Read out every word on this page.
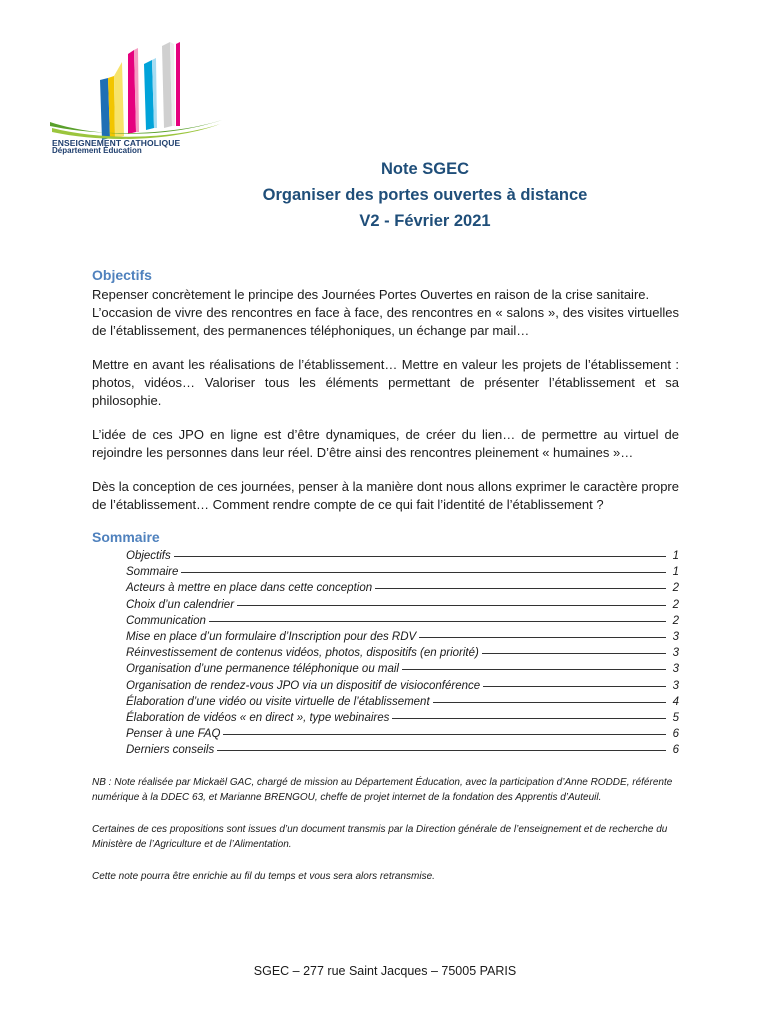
ENSEIGNEMENT CATHOLIQUE
Département Éducation
Note SGEC
Organiser des portes ouvertes à distance
V2 - Février 2021
Objectifs

Repenser concrètement le principe des Journées Portes Ouvertes en raison de la crise sanitaire.

L’occasion de vivre des rencontres en face à face, des rencontres en « salons », des visites virtuelles de l’établissement, des permanences téléphoniques, un échange par mail…

Mettre en avant les réalisations de l’établissement… Mettre en valeur les projets de l’établissement : photos, vidéos… Valoriser tous les éléments permettant de présenter l’établissement et sa philosophie.

L’idée de ces JPO en ligne est d’être dynamiques, de créer du lien… de permettre au virtuel de rejoindre les personnes dans leur réel. D’être ainsi des rencontres pleinement « humaines »…

Dès la conception de ces journées, penser à la manière dont nous allons exprimer le caractère propre de l’établissement… Comment rendre compte de ce qui fait l’identité de l’établissement ?

Sommaire
Objectifs	1
Sommaire	1
Acteurs à mettre en place dans cette conception	2
Choix d’un calendrier	2
Communication	2
Mise en place d’un formulaire d’Inscription pour des RDV	3
Réinvestissement de contenus vidéos, photos, dispositifs (en priorité)	3
Organisation d’une permanence téléphonique ou mail	3
Organisation de rendez-vous JPO via un dispositif de visioconférence	3
Élaboration d’une vidéo ou visite virtuelle de l’établissement	4
Élaboration de vidéos « en direct », type webinaires	5
Penser à une FAQ	6
Derniers conseils	6

NB : Note réalisée par Mickaël GAC, chargé de mission au Département Éducation, avec la participation d’Anne RODDE, référente numérique à la DDEC 63, et Marianne BRENGOU, cheffe de projet internet de la fondation des Apprentis d’Auteuil.

Certaines de ces propositions sont issues d’un document transmis par la Direction générale de l’enseignement et de recherche du Ministère de l’Agriculture et de l’Alimentation.

Cette note pourra être enrichie au fil du temps et vous sera alors retransmise.

SGEC – 277 rue Saint Jacques – 75005 PARIS
